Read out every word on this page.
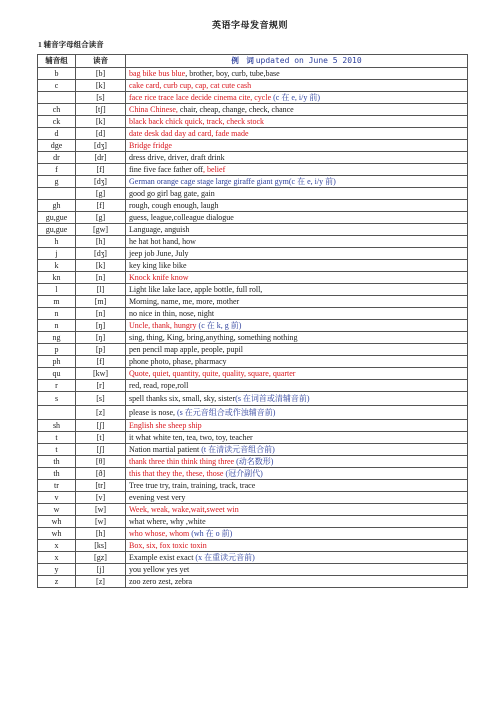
英语字母发音规则
1 辅音字母组合读音
辅音组	读音	例　词 updated on June 5 2010
b	[b]	bag bike bus blue, brother, boy, curb, tube,base
c	[k]	cake card, curb cup, cap, cat cute cash
	[s]	face rice trace lace decide cinema cite, cycle (c 在 e, i/y 前)
ch	[tʃ]	China Chinese, chair, cheap, change, check, chance
ck	[k]	black back chick quick, track, check stock
d	[d]	date desk dad day ad card, fade made
dge	[dʒ]	Bridge fridge
dr	[dr]	dress drive, driver, draft drink
f	[f]	fine five face father off, belief
g	[dʒ]	German orange cage stage large giraffe giant gym(c 在 e, i/y 前)
	[g]	good go girl bag gate, gain
gh	[f]	rough, cough enough, laugh
gu,gue	[g]	guess, league,colleague dialogue
gu,gue	[gw]	Language, anguish
h	[h]	he hat hot hand, how
j	[dʒ]	jeep job June, July
k	[k]	key king like bike
kn	[n]	Knock knife know
l	[l]	Light like lake lace, apple bottle, full roll,
m	[m]	Morning, name, me, more, mother
n	[n]	no nice in thin, nose, night
n	[ŋ]	Uncle, thank, hungry (c 在 k, g 前)
ng	[ŋ]	sing, thing, King, bring,anything, something nothing
p	[p]	pen pencil map apple, people, pupil
ph	[f]	phone photo, phase, pharmacy
qu	[kw]	Quote, quiet, quantity, quite, quality, square, quarter
r	[r]	red, read, rope,roll
s	[s]	spell thanks six, small, sky, sister(s 在词首或清辅音前)
	[z]	please is nose, (s 在元音组合或作浊辅音前)
sh	[ʃ]	English she sheep ship
t	[t]	it what white ten, tea, two, toy, teacher
t	[ʃ]	Nation martial patient (t 在清读元音组合前)
th	[θ]	thank three thin think thing three (动名数形)
th	[ð]	this that they the, these, those (冠介副代)
tr	[tr]	Tree true try, train, training, track, trace
v	[v]	evening vest very
w	[w]	Week, weak, wake,wait,sweet win
wh	[w]	what where, why ,white
wh	[h]	who whose, whom (wh 在 o 前)
x	[ks]	Box, six, fox toxic toxin
x	[gz]	Example exist exact (x 在重读元音前)
y	[j]	you yellow yes yet
z	[z]	zoo zero zest, zebra
